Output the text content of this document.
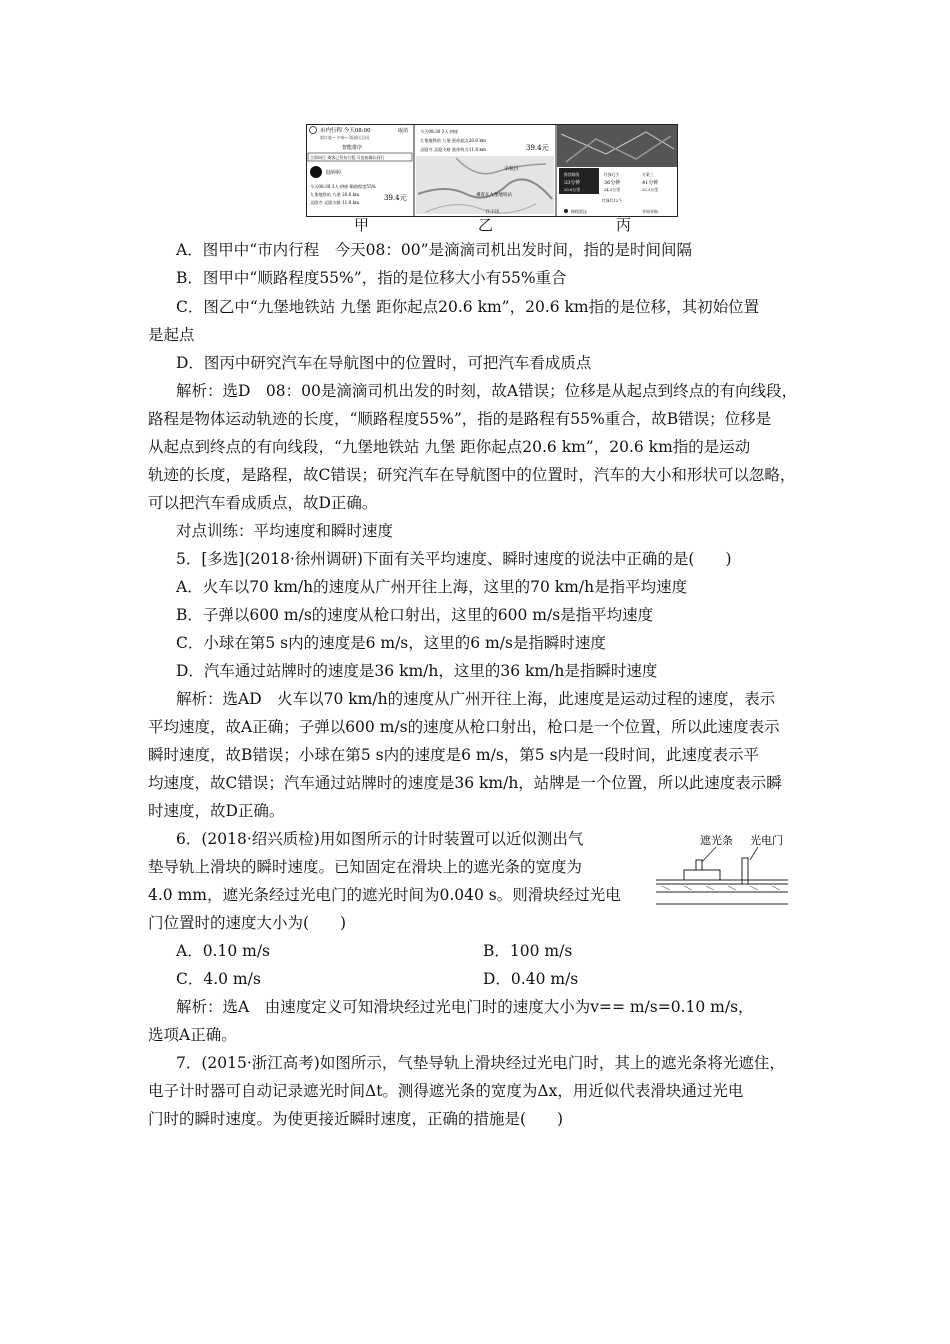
市内行程 今天08:00	取消
都红港→ 中秦→ 圆通回总园
智能排序
立即同行 乘客已发布行程,可直接确认同行
陆婷婷
今天08:30 3人·拼座·顺路程度55%
九堡地铁站 九堡 20.6 km
灵隐寺 灵隐支路 11.8 km
39.4元
今天08:30 3人·拼座
九堡地铁站 九堡 距你起点20.6 km
灵隐寺 灵隐支路 距你终点11.8 km	39.4元
余杭区
乘客在九堡地铁站
江干区
推荐路线
33分钟
20.6公里
红绿灯少
36分钟
24.5公里
方案三
41分钟
22.3公里
红绿灯12个
路线雷达	开始导航
甲	乙	丙
A．图甲中“市内行程　今天08：00”是滴滴司机出发时间，指的是时间间隔
B．图甲中“顺路程度55%”，指的是位移大小有55%重合
C．图乙中“九堡地铁站 九堡 距你起点20.6 km”，20.6 km指的是位移，其初始位置
是起点
D．图丙中研究汽车在导航图中的位置时，可把汽车看成质点
解析：选D　08：00是滴滴司机出发的时刻，故A错误；位移是从起点到终点的有向线段，
路程是物体运动轨迹的长度，“顺路程度55%”，指的是路程有55%重合，故B错误；位移是
从起点到终点的有向线段，“九堡地铁站 九堡 距你起点20.6 km”，20.6 km指的是运动
轨迹的长度，是路程，故C错误；研究汽车在导航图中的位置时，汽车的大小和形状可以忽略，
可以把汽车看成质点，故D正确。
对点训练：平均速度和瞬时速度
5．[多选](2018·徐州调研)下面有关平均速度、瞬时速度的说法中正确的是(　　)
A．火车以70 km/h的速度从广州开往上海，这里的70 km/h是指平均速度
B．子弹以600 m/s的速度从枪口射出，这里的600 m/s是指平均速度
C．小球在第5 s内的速度是6 m/s，这里的6 m/s是指瞬时速度
D．汽车通过站牌时的速度是36 km/h，这里的36 km/h是指瞬时速度
解析：选AD　火车以70 km/h的速度从广州开往上海，此速度是运动过程的速度，表示
平均速度，故A正确；子弹以600 m/s的速度从枪口射出，枪口是一个位置，所以此速度表示
瞬时速度，故B错误；小球在第5 s内的速度是6 m/s，第5 s内是一段时间，此速度表示平
均速度，故C错误；汽车通过站牌时的速度是36 km/h，站牌是一个位置，所以此速度表示瞬
时速度，故D正确。
6．(2018·绍兴质检)用如图所示的计时装置可以近似测出气
垫导轨上滑块的瞬时速度。已知固定在滑块上的遮光条的宽度为
4.0 mm，遮光条经过光电门的遮光时间为0.040 s。则滑块经过光电
门位置时的速度大小为(　　)
遮光条 光电门
A．0.10 m/s	B．100 m/s
C．4.0 m/s	D．0.40 m/s
解析：选A　由速度定义可知滑块经过光电门时的速度大小为v== m/s=0.10 m/s，
选项A正确。
7．(2015·浙江高考)如图所示，气垫导轨上滑块经过光电门时，其上的遮光条将光遮住，
电子计时器可自动记录遮光时间Δt。测得遮光条的宽度为Δx，用近似代表滑块通过光电
门时的瞬时速度。为使更接近瞬时速度，正确的措施是(　　)
